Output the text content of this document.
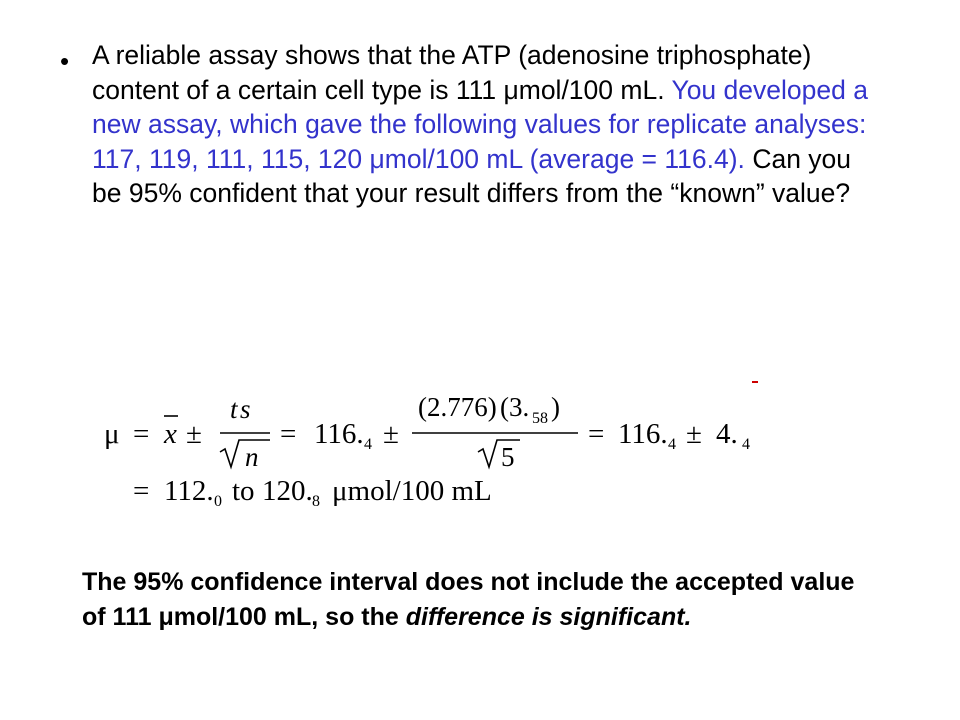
• A reliable assay shows that the ATP (adenosine triphosphate) content of a certain cell type is 111 μmol/100 mL. You developed a new assay, which gave the following values for replicate analyses: 117, 119, 111, 115, 120 μmol/100 mL (average = 116.4). Can you be 95% confident that your result differs from the “known” value?
μ = x ±
t s
n
= 116. 4 ±
(2.776) (3. 58 )
5
= 116. 4 ± 4. 4
= 112. 0 to 120. 8 μmol/100 mL
The 95% confidence interval does not include the accepted value of 111 μmol/100 mL, so the difference is significant.
